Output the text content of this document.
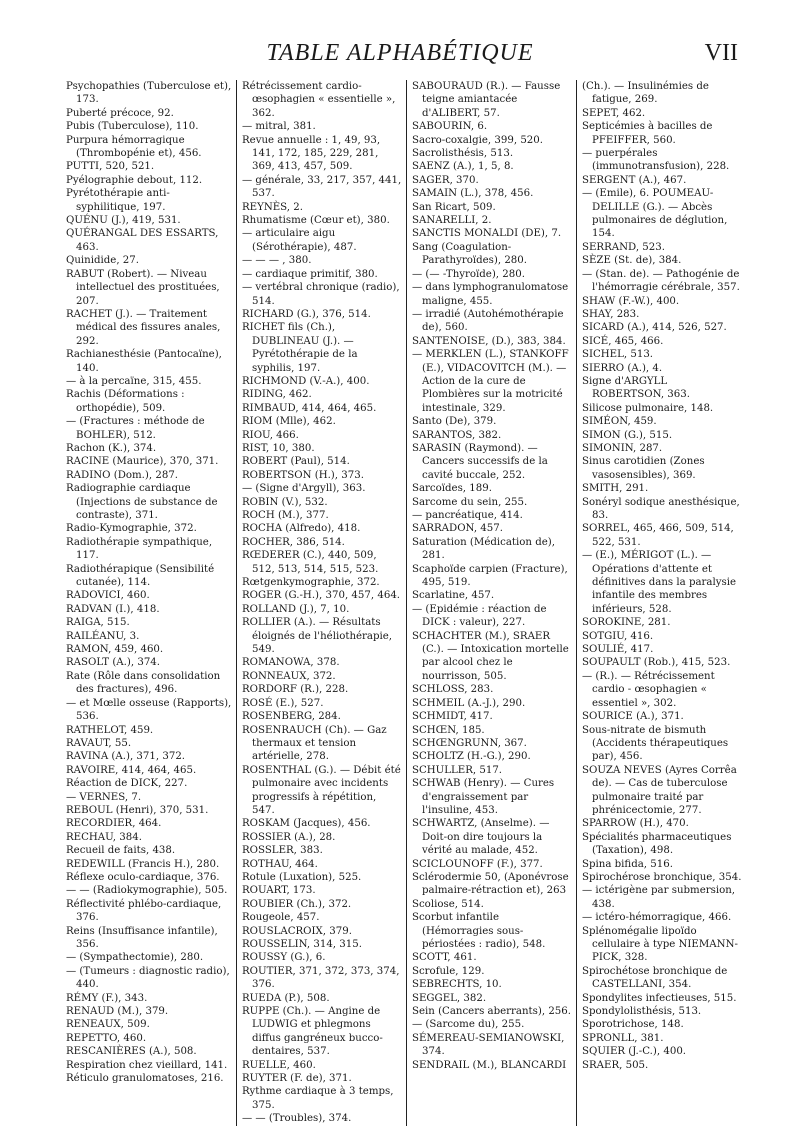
TABLE ALPHABÉTIQUE	VII

Psychopathies (Tuberculose et), 173.

Puberté précoce, 92.

Pubis (Tuberculose), 110.

Purpura hémorragique (Thrombopénie et), 456.

PUTTI, 520, 521.

Pyélographie debout, 112.

Pyrétothérapie anti-syphilitique, 197.

QUÉNU (J.), 419, 531.

QUÉRANGAL DES ESSARTS, 463.

Quinidide, 27.

RABUT (Robert). — Niveau intellectuel des prostituées, 207.

RACHET (J.). — Traitement médical des fissures anales, 292.

Rachianesthésie (Pantocaïne), 140.

— à la percaïne, 315, 455.

Rachis (Déformations : orthopédie), 509.

— (Fractures : méthode de BOHLER), 512.

Rachon (K.), 374.

RACINE (Maurice), 370, 371.

RADINO (Dom.), 287.

Radiographie cardiaque (Injections de substance de contraste), 371.

Radio-Kymographie, 372.

Radiothérapie sympathique, 117.

Radiothérapique (Sensibilité cutanée), 114.

RADOVICI, 460.

RADVAN (I.), 418.

RAIGA, 515.

RAILÉANU, 3.

RAMON, 459, 460.

RASOLT (A.), 374.

Rate (Rôle dans consolidation des fractures), 496.

— et Mœlle osseuse (Rapports), 536.

RATHELOT, 459.

RAVAUT, 55.

RAVINA (A.), 371, 372.

RAVOIRE, 414, 464, 465.

Réaction de DICK, 227.

— VERNES, 7.

REBOUL (Henri), 370, 531.

RECORDIER, 464.

RECHAU, 384.

Recueil de faits, 438.

REDEWILL (Francis H.), 280.

Réflexe oculo-cardiaque, 376.

— — (Radiokymographie), 505.

Réflectivité phlébo-cardiaque, 376.

Reins (Insuffisance infantile), 356.

— (Sympathectomie), 280.

— (Tumeurs : diagnostic radio), 440.

RÉMY (F.), 343.

RENAUD (M.), 379.

RENEAUX, 509.

REPETTO, 460.

RESCANIÈRES (A.), 508.

Respiration chez vieillard, 141.

Réticulo granulomatoses, 216.

Rétrécissement cardio-œsophagien « essentielle », 362.

— mitral, 381.

Revue annuelle : 1, 49, 93, 141, 172, 185, 229, 281, 369, 413, 457, 509.

— générale, 33, 217, 357, 441, 537.

REYNÈS, 2.

Rhumatisme (Cœur et), 380.

— articulaire aigu (Sérothérapie), 487.

— — — , 380.

— cardiaque primitif, 380.

— vertébral chronique (radio), 514.

RICHARD (G.), 376, 514.

RICHET fils (Ch.), DUBLINEAU (J.). — Pyrétothérapie de la syphilis, 197.

RICHMOND (V.-A.), 400.

RIDING, 462.

RIMBAUD, 414, 464, 465.

RIOM (Mlle), 462.

RIOU, 466.

RIST, 10, 380.

ROBERT (Paul), 514.

ROBERTSON (H.), 373.

— (Signe d'Argyll), 363.

ROBIN (V.), 532.

ROCH (M.), 377.

ROCHA (Alfredo), 418.

ROCHER, 386, 514.

RŒDERER (C.), 440, 509, 512, 513, 514, 515, 523.

Rœtgenkymographie, 372.

ROGER (G.-H.), 370, 457, 464.

ROLLAND (J.), 7, 10.

ROLLIER (A.). — Résultats éloignés de l'héliothérapie, 549.

ROMANOWA, 378.

RONNEAUX, 372.

RORDORF (R.), 228.

ROSÉ (E.), 527.

ROSENBERG, 284.

ROSENRAUCH (Ch). — Gaz thermaux et tension artérielle, 278.

ROSENTHAL (G.). — Débit été pulmonaire avec incidents progressifs à répétition, 547.

ROSKAM (Jacques), 456.

ROSSIER (A.), 28.

ROSSLER, 383.

ROTHAU, 464.

Rotule (Luxation), 525.

ROUART, 173.

ROUBIER (Ch.), 372.

Rougeole, 457.

ROUSLACROIX, 379.

ROUSSELIN, 314, 315.

ROUSSY (G.), 6.

ROUTIER, 371, 372, 373, 374, 376.

RUEDA (P.), 508.

RUPPE (Ch.). — Angine de LUDWIG et phlegmons diffus gangréneux bucco-dentaires, 537.

RUELLE, 460.

RUYTER (F. de), 371.

Rythme cardiaque à 3 temps, 375.

— — (Troubles), 374.

SABOURAUD (R.). — Fausse teigne amiantacée d'ALIBERT, 57.

SABOURIN, 6.

Sacro-coxalgie, 399, 520.

Sacrolisthésis, 513.

SAENZ (A.), 1, 5, 8.

SAGER, 370.

SAMAIN (L.), 378, 456.

San Ricart, 509.

SANARELLI, 2.

SANCTIS MONALDI (DE), 7.

Sang (Coagulation-Parathyroïdes), 280.

— (— -Thyroïde), 280.

— dans lymphogranulomatose maligne, 455.

— irradié (Autohémothérapie de), 560.

SANTENOISE, (D.), 383, 384.

— MERKLEN (L.), STANKOFF (E.), VIDACOVITCH (M.). — Action de la cure de Plombières sur la motricité intestinale, 329.

Santo (De), 379.

SARANTOS, 382.

SARASIN (Raymond). — Cancers successifs de la cavité buccale, 252.

Sarcoïdes, 189.

Sarcome du sein, 255.

— pancréatique, 414.

SARRADON, 457.

Saturation (Médication de), 281.

Scaphoïde carpien (Fracture), 495, 519.

Scarlatine, 457.

— (Epidémie : réaction de DICK : valeur), 227.

SCHACHTER (M.), SRAER (C.). — Intoxication mortelle par alcool chez le nourrisson, 505.

SCHLOSS, 283.

SCHMEIL (A.-J.), 290.

SCHMIDT, 417.

SCHŒN, 185.

SCHŒNGRUNN, 367.

SCHOLTZ (H.-G.), 290.

SCHULLER, 517.

SCHWAB (Henry). — Cures d'engraissement par l'insuline, 453.

SCHWARTZ, (Anselme). — Doit-on dire toujours la vérité au malade, 452.

SCICLOUNOFF (F.), 377.

Sclérodermie 50, (Aponévrose palmaire-rétraction et), 263

Scoliose, 514.

Scorbut infantile (Hémorragies sous-périostées : radio), 548.

SCOTT, 461.

Scrofule, 129.

SEBRECHTS, 10.

SEGGEL, 382.

Sein (Cancers aberrants), 256.

— (Sarcome du), 255.

SÉMEREAU-SEMIANOWSKI, 374.

SENDRAIL (M.), BLANCARDI

(Ch.). — Insulinémies de fatigue, 269.

SEPET, 462.

Septicémies à bacilles de PFEIFFER, 560.

— puerpérales (immunotransfusion), 228.

SERGENT (A.), 467.

— (Emile), 6. POUMEAU-DELILLE (G.). — Abcès pulmonaires de déglution, 154.

SERRAND, 523.

SÈZE (St. de), 384.

— (Stan. de). — Pathogénie de l'hémorragie cérébrale, 357.

SHAW (F.-W.), 400.

SHAY, 283.

SICARD (A.), 414, 526, 527.

SICÉ, 465, 466.

SICHEL, 513.

SIERRO (A.), 4.

Signe d'ARGYLL ROBERTSON, 363.

Silicose pulmonaire, 148.

SIMÉON, 459.

SIMON (G.), 515.

SIMONIN, 287.

Sinus carotidien (Zones vasosensibles), 369.

SMITH, 291.

Sonéryl sodique anesthésique, 83.

SORREL, 465, 466, 509, 514, 522, 531.

— (E.), MÉRIGOT (L.). — Opérations d'attente et définitives dans la paralysie infantile des membres inférieurs, 528.

SOROKINE, 281.

SOTGIU, 416.

SOULIÉ, 417.

SOUPAULT (Rob.), 415, 523.

— (R.). — Rétrécissement cardio - œsophagien « essentiel », 302.

SOURICE (A.), 371.

Sous-nitrate de bismuth (Accidents thérapeutiques par), 456.

SOUZA NEVES (Ayres Corrêa de). — Cas de tuberculose pulmonaire traité par phrénicectomie, 277.

SPARROW (H.), 470.

Spécialités pharmaceutiques (Taxation), 498.

Spina bifida, 516.

Spirochérose bronchique, 354.

— ictérigène par submersion, 438.

— ictéro-hémorragique, 466.

Splénomégalie lipoïdo cellulaire à type NIEMANN-PICK, 328.

Spirochétose bronchique de CASTELLANI, 354.

Spondylites infectieuses, 515.

Spondylolisthésis, 513.

Sporotrichose, 148.

SPRONLL, 381.

SQUIER (J.-C.), 400.

SRAER, 505.
